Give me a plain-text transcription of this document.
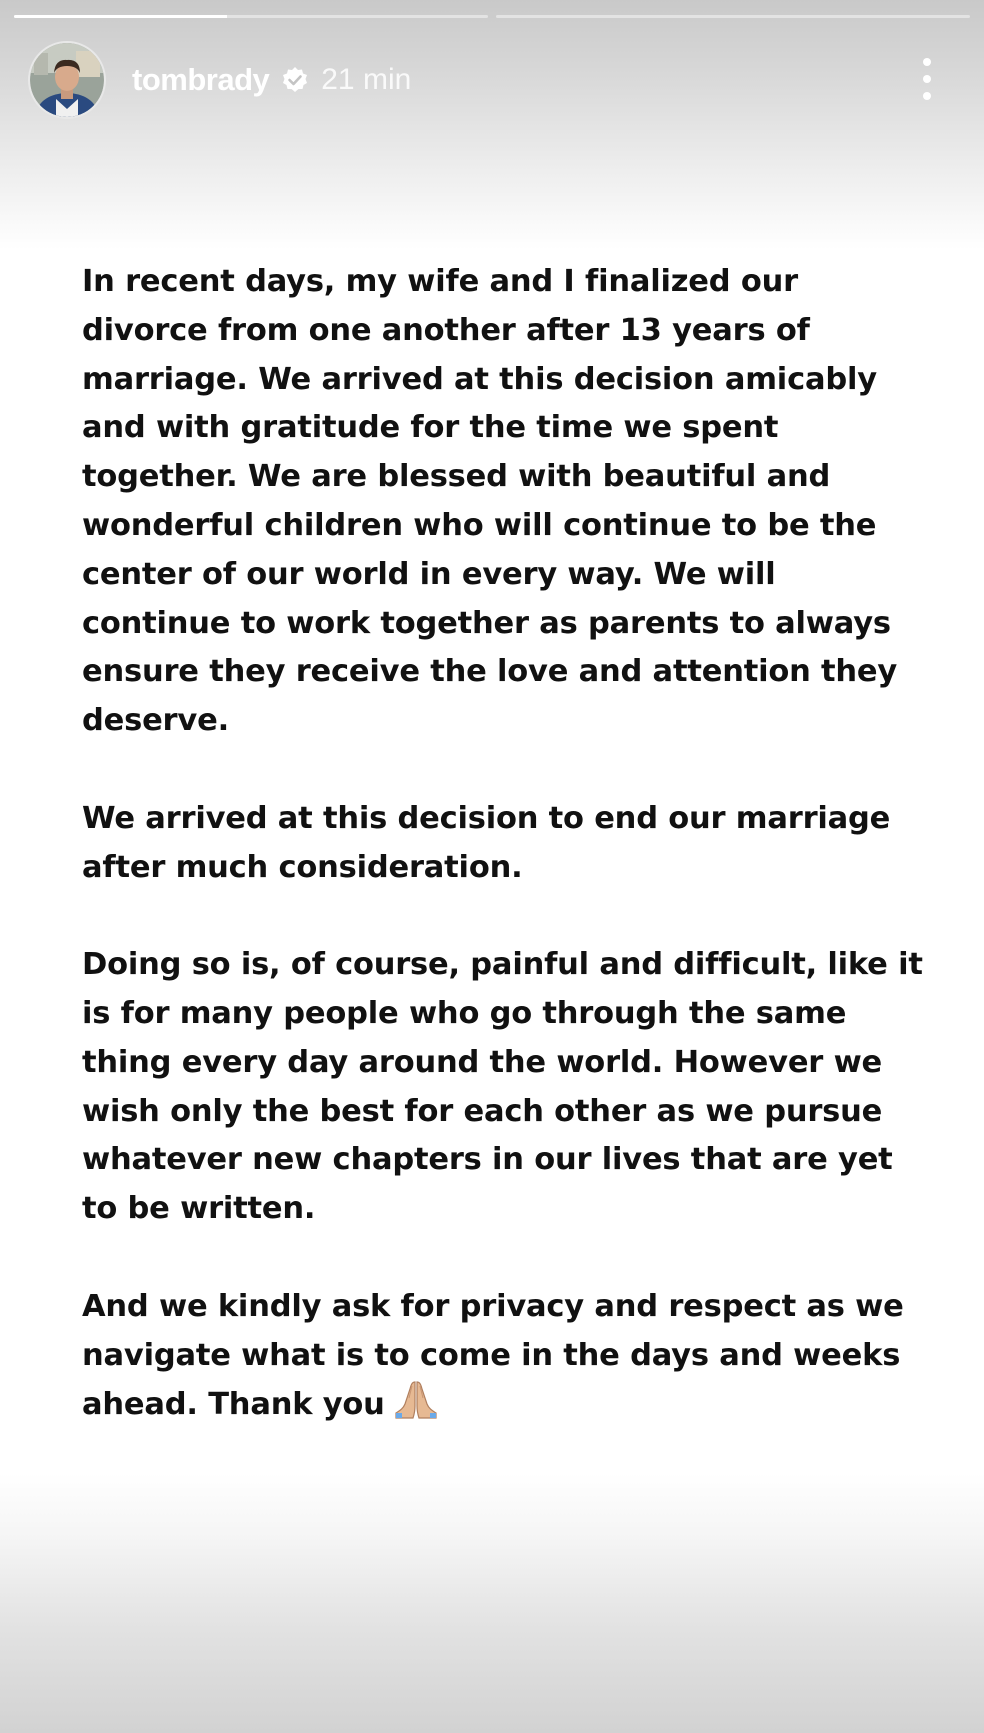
tombrady 21 min

In recent days, my wife and I finalized our divorce from one another after 13 years of marriage. We arrived at this decision amicably and with gratitude for the time we spent together. We are blessed with beautiful and wonderful children who will continue to be the center of our world in every way. We will continue to work together as parents to always ensure they receive the love and attention they deserve.

We arrived at this decision to end our marriage after much consideration.

Doing so is, of course, painful and difficult, like it is for many people who go through the same thing every day around the world. However we wish only the best for each other as we pursue whatever new chapters in our lives that are yet to be written.

And we kindly ask for privacy and respect as we navigate what is to come in the days and weeks ahead. Thank you
